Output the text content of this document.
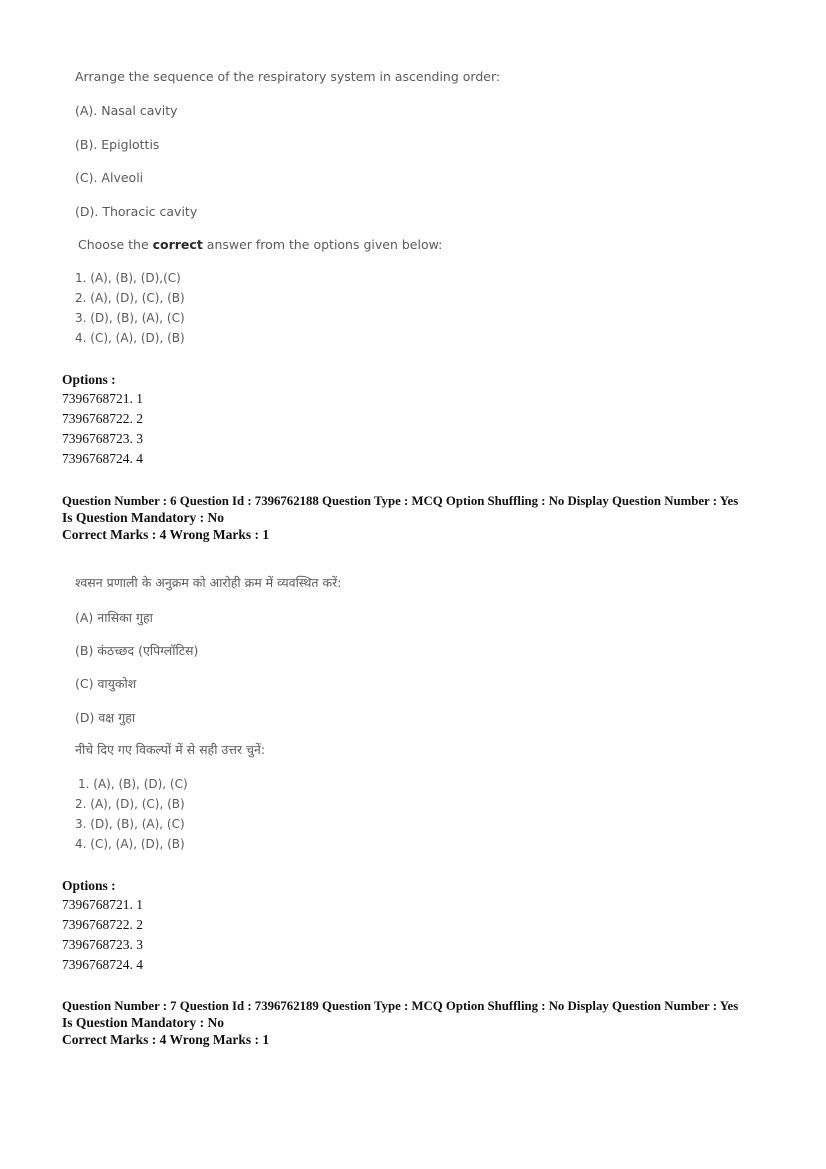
Arrange the sequence of the respiratory system in ascending order:
(A). Nasal cavity
(B). Epiglottis
(C). Alveoli
(D). Thoracic cavity
Choose the correct answer from the options given below:
1. (A), (B), (D),(C)
2. (A), (D), (C), (B)
3. (D), (B), (A), (C)
4. (C), (A), (D), (B)
Options :
7396768721. 1
7396768722. 2
7396768723. 3
7396768724. 4
Question Number : 6 Question Id : 7396762188 Question Type : MCQ Option Shuffling : No Display Question Number : Yes
Is Question Mandatory : No
Correct Marks : 4 Wrong Marks : 1
श्वसन प्रणाली के अनुक्रम को आरोही क्रम में व्यवस्थित करें:
(A) नासिका गुहा
(B) कंठच्छद (एपिग्लॉटिस)
(C) वायुकोश
(D) वक्ष गुहा
नीचे दिए गए विकल्पों में से सही उत्तर चुनें:
1. (A), (B), (D), (C)
2. (A), (D), (C), (B)
3. (D), (B), (A), (C)
4. (C), (A), (D), (B)
Options :
7396768721. 1
7396768722. 2
7396768723. 3
7396768724. 4
Question Number : 7 Question Id : 7396762189 Question Type : MCQ Option Shuffling : No Display Question Number : Yes
Is Question Mandatory : No
Correct Marks : 4 Wrong Marks : 1
